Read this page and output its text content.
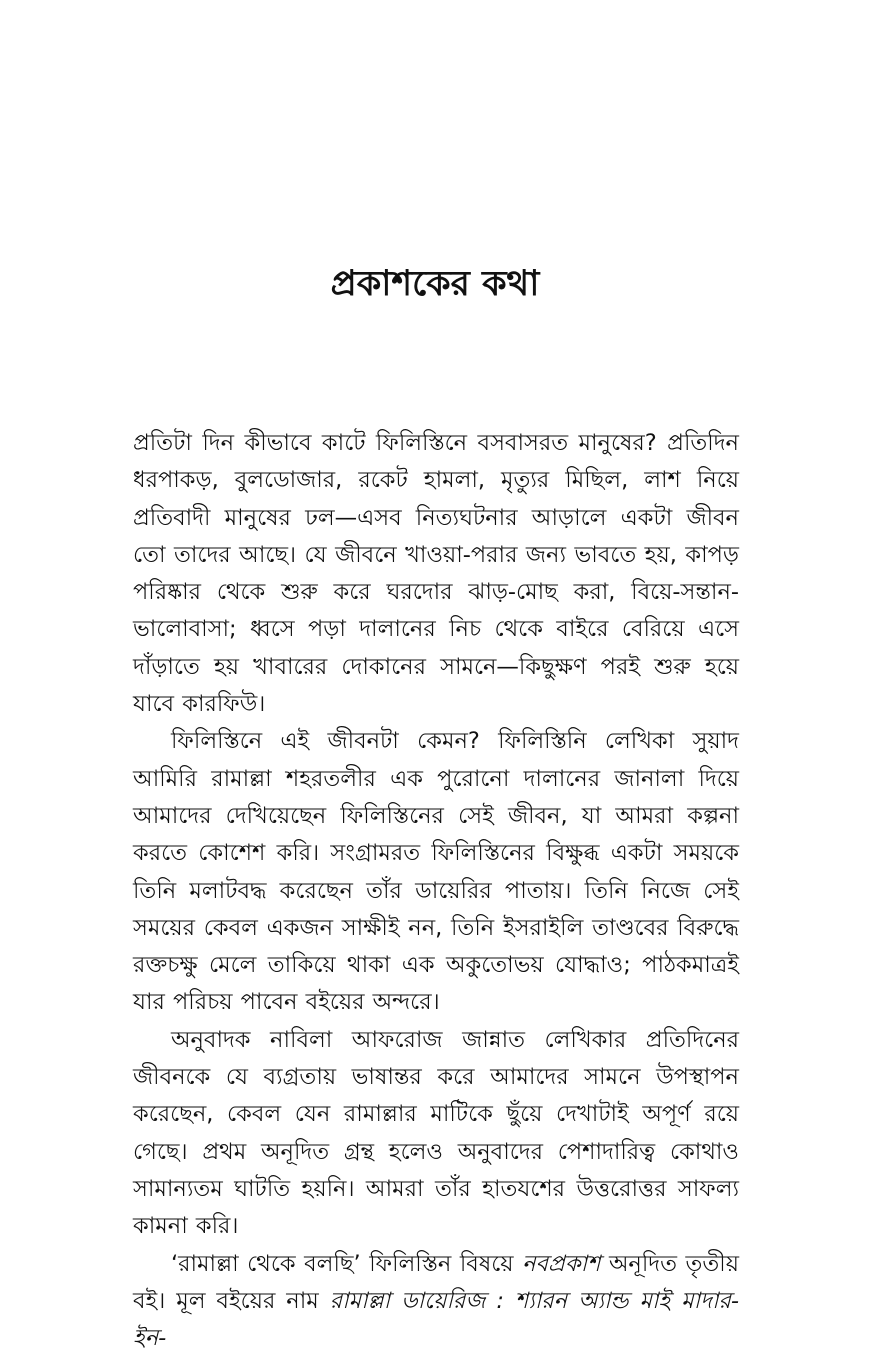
প্রকাশকের কথা

প্রতিটা দিন কীভাবে কাটে ফিলিস্তিনে বসবাসরত মানুষের? প্রতিদিন ধরপাকড়, বুলডোজার, রকেট হামলা, মৃত্যুর মিছিল, লাশ নিয়ে প্রতিবাদী মানুষের ঢল—এসব নিত্যঘটনার আড়ালে একটা জীবন তো তাদের আছে। যে জীবনে খাওয়া-পরার জন্য ভাবতে হয়, কাপড় পরিষ্কার থেকে শুরু করে ঘরদোর ঝাড়-মোছ করা, বিয়ে-সন্তান-ভালোবাসা; ধ্বসে পড়া দালানের নিচ থেকে বাইরে বেরিয়ে এসে দাঁড়াতে হয় খাবারের দোকানের সামনে—কিছুক্ষণ পরই শুরু হয়ে যাবে কারফিউ।

ফিলিস্তিনে এই জীবনটা কেমন? ফিলিস্তিনি লেখিকা সুয়াদ আমিরি রামাল্লা শহরতলীর এক পুরোনো দালানের জানালা দিয়ে আমাদের দেখিয়েছেন ফিলিস্তিনের সেই জীবন, যা আমরা কল্পনা করতে কোশেশ করি। সংগ্রামরত ফিলিস্তিনের বিক্ষুব্ধ একটা সময়কে তিনি মলাটবদ্ধ করেছেন তাঁর ডায়েরির পাতায়। তিনি নিজে সেই সময়ের কেবল একজন সাক্ষীই নন, তিনি ইসরাইলি তাণ্ডবের বিরুদ্ধে রক্তচক্ষু মেলে তাকিয়ে থাকা এক অকুতোভয় যোদ্ধাও; পাঠকমাত্রই যার পরিচয় পাবেন বইয়ের অন্দরে।

অনুবাদক নাবিলা আফরোজ জান্নাত লেখিকার প্রতিদিনের জীবনকে যে ব্যগ্রতায় ভাষান্তর করে আমাদের সামনে উপস্থাপন করেছেন, কেবল যেন রামাল্লার মাটিকে ছুঁয়ে দেখাটাই অপূর্ণ রয়ে গেছে। প্রথম অনূদিত গ্রন্থ হলেও অনুবাদের পেশাদারিত্ব কোথাও সামান্যতম ঘাটতি হয়নি। আমরা তাঁর হাতযশের উত্তরোত্তর সাফল্য কামনা করি।

‘রামাল্লা থেকে বলছি’ ফিলিস্তিন বিষয়ে নবপ্রকাশ অনূদিত তৃতীয় বই। মূল বইয়ের নাম রামাল্লা ডায়েরিজ : শ্যারন অ্যান্ড মাই মাদার-ইন-
